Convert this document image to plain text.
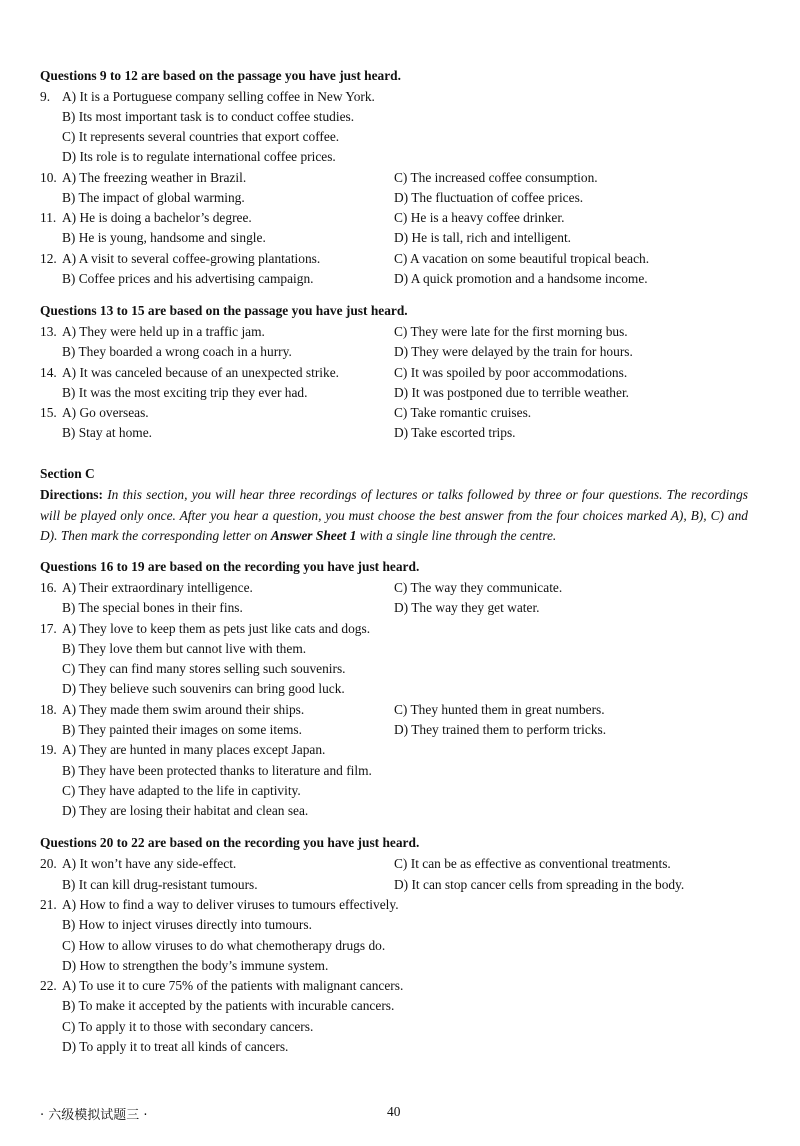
Questions 9 to 12 are based on the passage you have just heard.
9. A) It is a Portuguese company selling coffee in New York.
B) Its most important task is to conduct coffee studies.
C) It represents several countries that export coffee.
D) Its role is to regulate international coffee prices.
10. A) The freezing weather in Brazil.	C) The increased coffee consumption.
B) The impact of global warming.	D) The fluctuation of coffee prices.
11. A) He is doing a bachelor’s degree.	C) He is a heavy coffee drinker.
B) He is young, handsome and single.	D) He is tall, rich and intelligent.
12. A) A visit to several coffee-growing plantations.	C) A vacation on some beautiful tropical beach.
B) Coffee prices and his advertising campaign.	D) A quick promotion and a handsome income.
Questions 13 to 15 are based on the passage you have just heard.
13. A) They were held up in a traffic jam.	C) They were late for the first morning bus.
B) They boarded a wrong coach in a hurry.	D) They were delayed by the train for hours.
14. A) It was canceled because of an unexpected strike.	C) It was spoiled by poor accommodations.
B) It was the most exciting trip they ever had.	D) It was postponed due to terrible weather.
15. A) Go overseas.	C) Take romantic cruises.
B) Stay at home.	D) Take escorted trips.
Section C
Directions: In this section, you will hear three recordings of lectures or talks followed by three or four questions. The recordings will be played only once. After you hear a question, you must choose the best answer from the four choices marked A), B), C) and D). Then mark the corresponding letter on Answer Sheet 1 with a single line through the centre.
Questions 16 to 19 are based on the recording you have just heard.
16. A) Their extraordinary intelligence.	C) The way they communicate.
B) The special bones in their fins.	D) The way they get water.
17. A) They love to keep them as pets just like cats and dogs.
B) They love them but cannot live with them.
C) They can find many stores selling such souvenirs.
D) They believe such souvenirs can bring good luck.
18. A) They made them swim around their ships.	C) They hunted them in great numbers.
B) They painted their images on some items.	D) They trained them to perform tricks.
19. A) They are hunted in many places except Japan.
B) They have been protected thanks to literature and film.
C) They have adapted to the life in captivity.
D) They are losing their habitat and clean sea.
Questions 20 to 22 are based on the recording you have just heard.
20. A) It won’t have any side-effect.	C) It can be as effective as conventional treatments.
B) It can kill drug-resistant tumours.	D) It can stop cancer cells from spreading in the body.
21. A) How to find a way to deliver viruses to tumours effectively.
B) How to inject viruses directly into tumours.
C) How to allow viruses to do what chemotherapy drugs do.
D) How to strengthen the body’s immune system.
22. A) To use it to cure 75% of the patients with malignant cancers.
B) To make it accepted by the patients with incurable cancers.
C) To apply it to those with secondary cancers.
D) To apply it to treat all kinds of cancers.
· 六级模拟试题三 ·	40
